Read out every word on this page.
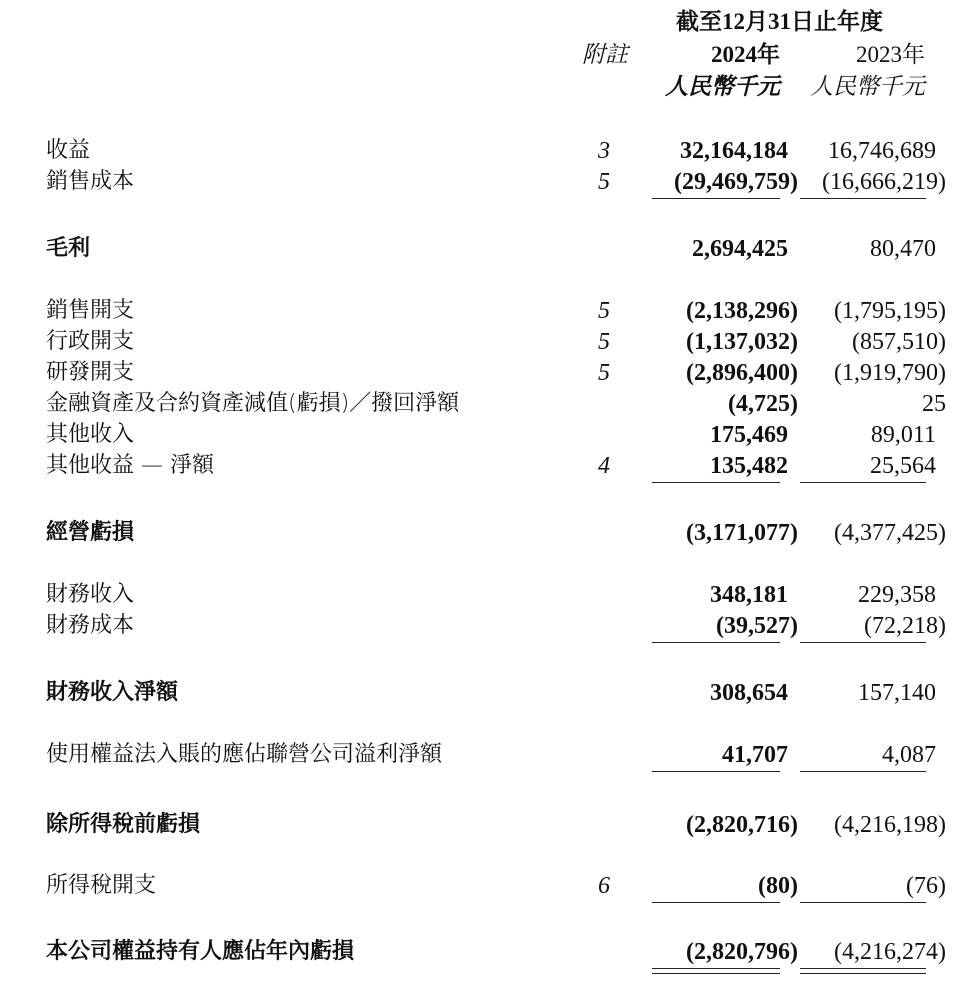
截至12月31日止年度
附註	2024年	2023年
人民幣千元 人民幣千元
收益	3	32,164,184 16,746,689
銷售成本	5	(29,469,759) (16,666,219)
毛利	2,694,425	80,470
銷售開支	5	(2,138,296) (1,795,195)
行政開支	5	(1,137,032) (857,510)
研發開支	5	(2,896,400) (1,919,790)
金融資產及合約資產減值(虧損)／撥回淨額	(4,725)	25
其他收入	175,469	89,011
其他收益 — 淨額	4	135,482	25,564
經營虧損	(3,171,077) (4,377,425)
財務收入	348,181	229,358
財務成本	(39,527)	(72,218)
財務收入淨額	308,654	157,140
使用權益法入賬的應佔聯營公司溢利淨額	41,707	4,087
除所得稅前虧損	(2,820,716) (4,216,198)
所得稅開支	6	(80)	(76)
本公司權益持有人應佔年內虧損	(2,820,796) (4,216,274)
